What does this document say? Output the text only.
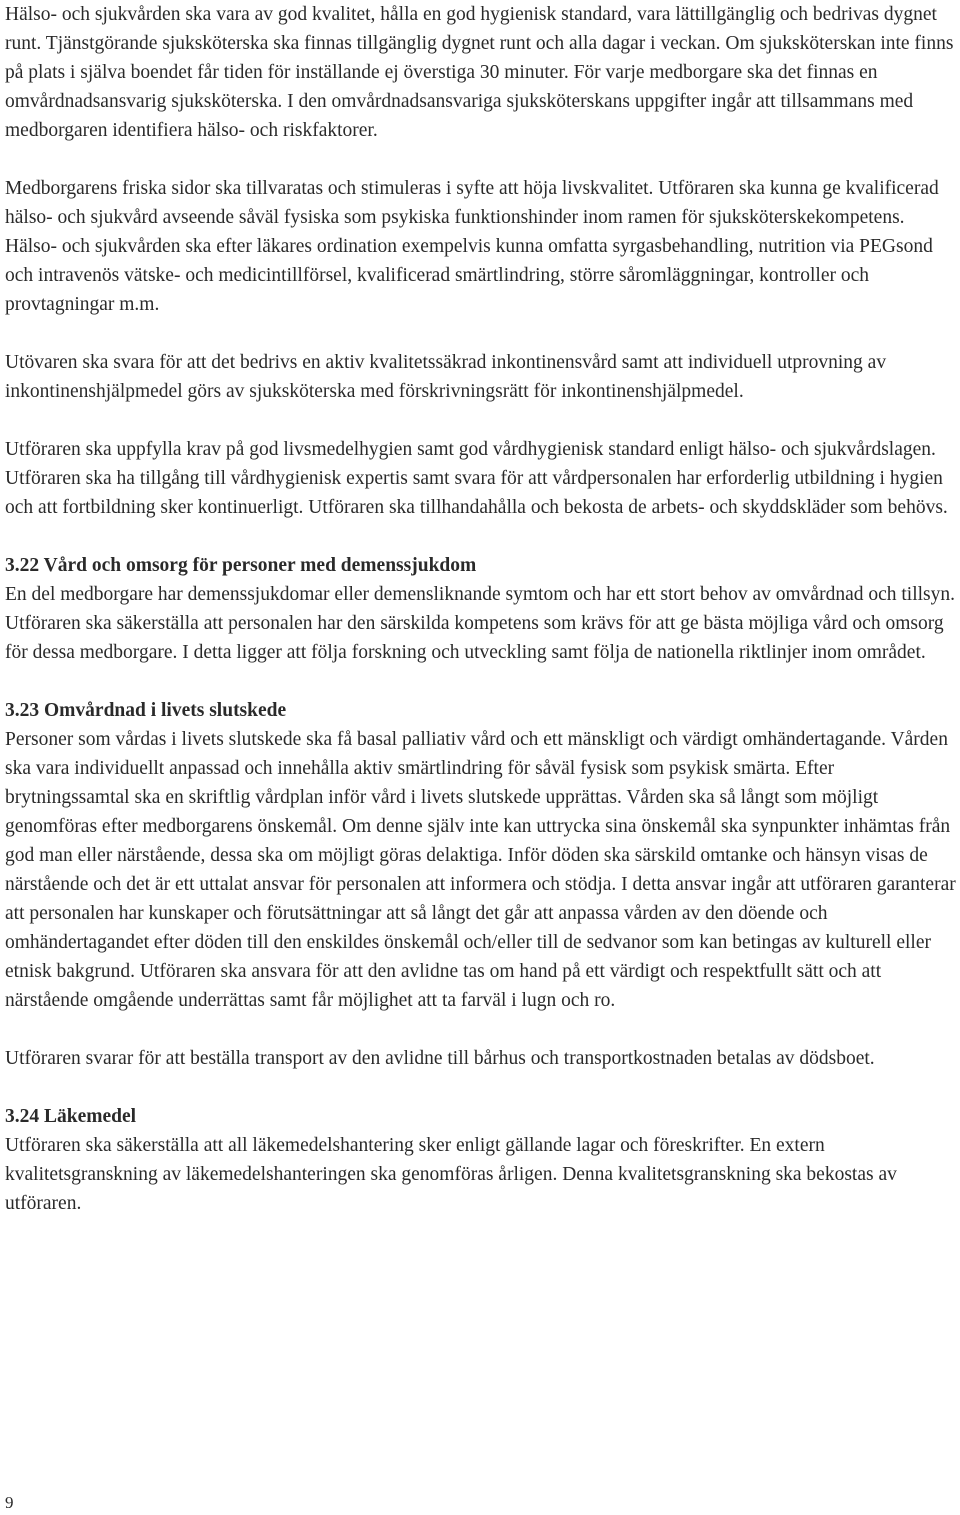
Hälso- och sjukvården ska vara av god kvalitet, hålla en god hygienisk standard, vara lättillgänglig och bedrivas dygnet runt. Tjänstgörande sjuksköterska ska finnas tillgänglig dygnet runt och alla dagar i veckan. Om sjuksköterskan inte finns på plats i själva boendet får tiden för inställande ej överstiga 30 minuter. För varje medborgare ska det finnas en omvårdnadsansvarig sjuksköterska. I den omvårdnadsansvariga sjuksköterskans uppgifter ingår att tillsammans med medborgaren identifiera hälso- och riskfaktorer.

Medborgarens friska sidor ska tillvaratas och stimuleras i syfte att höja livskvalitet. Utföraren ska kunna ge kvalificerad hälso- och sjukvård avseende såväl fysiska som psykiska funktionshinder inom ramen för sjuksköterskekompetens. Hälso- och sjukvården ska efter läkares ordination exempelvis kunna omfatta syrgasbehandling, nutrition via PEGsond och intravenös vätske- och medicintillförsel, kvalificerad smärtlindring, större såromläggningar, kontroller och provtagningar m.m.

Utövaren ska svara för att det bedrivs en aktiv kvalitetssäkrad inkontinensvård samt att individuell utprovning av inkontinenshjälpmedel görs av sjuksköterska med förskrivningsrätt för inkontinenshjälpmedel.

Utföraren ska uppfylla krav på god livsmedelhygien samt god vårdhygienisk standard enligt hälso- och sjukvårdslagen. Utföraren ska ha tillgång till vårdhygienisk expertis samt svara för att vårdpersonalen har erforderlig utbildning i hygien och att fortbildning sker kontinuerligt. Utföraren ska tillhandahålla och bekosta de arbets- och skyddskläder som behövs.

3.22 Vård och omsorg för personer med demenssjukdom

En del medborgare har demenssjukdomar eller demensliknande symtom och har ett stort behov av omvårdnad och tillsyn. Utföraren ska säkerställa att personalen har den särskilda kompetens som krävs för att ge bästa möjliga vård och omsorg för dessa medborgare. I detta ligger att följa forskning och utveckling samt följa de nationella riktlinjer inom området.

3.23 Omvårdnad i livets slutskede

Personer som vårdas i livets slutskede ska få basal palliativ vård och ett mänskligt och värdigt omhändertagande. Vården ska vara individuellt anpassad och innehålla aktiv smärtlindring för såväl fysisk som psykisk smärta. Efter brytningssamtal ska en skriftlig vårdplan inför vård i livets slutskede upprättas. Vården ska så långt som möjligt genomföras efter medborgarens önskemål. Om denne själv inte kan uttrycka sina önskemål ska synpunkter inhämtas från god man eller närstående, dessa ska om möjligt göras delaktiga. Inför döden ska särskild omtanke och hänsyn visas de närstående och det är ett uttalat ansvar för personalen att informera och stödja. I detta ansvar ingår att utföraren garanterar att personalen har kunskaper och förutsättningar att så långt det går att anpassa vården av den döende och omhändertagandet efter döden till den enskildes önskemål och/eller till de sedvanor som kan betingas av kulturell eller etnisk bakgrund. Utföraren ska ansvara för att den avlidne tas om hand på ett värdigt och respektfullt sätt och att närstående omgående underrättas samt får möjlighet att ta farväl i lugn och ro.

Utföraren svarar för att beställa transport av den avlidne till bårhus och transportkostnaden betalas av dödsboet.

3.24 Läkemedel

Utföraren ska säkerställa att all läkemedelshantering sker enligt gällande lagar och föreskrifter. En extern kvalitetsgranskning av läkemedelshanteringen ska genomföras årligen. Denna kvalitetsgranskning ska bekostas av utföraren.

9
